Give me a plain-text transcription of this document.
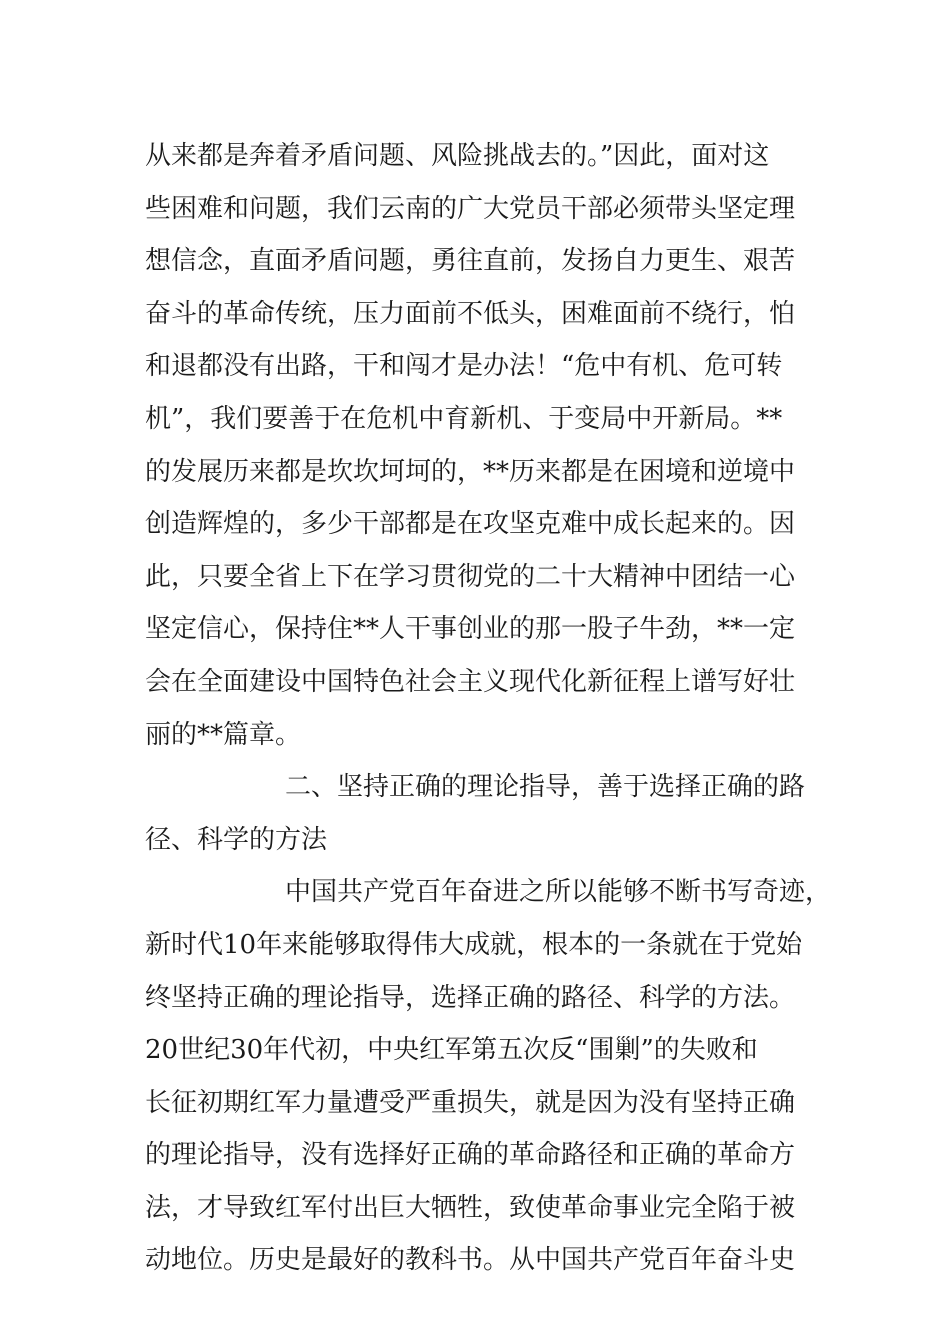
从来都是奔着矛盾问题、风险挑战去的。”因此，面对这
些困难和问题，我们云南的广大党员干部必须带头坚定理
想信念，直面矛盾问题，勇往直前，发扬自力更生、艰苦
奋斗的革命传统，压力面前不低头，困难面前不绕行，怕
和退都没有出路，干和闯才是办法！“危中有机、危可转
机”，我们要善于在危机中育新机、于变局中开新局。**
的发展历来都是坎坎坷坷的，**历来都是在困境和逆境中
创造辉煌的，多少干部都是在攻坚克难中成长起来的。因
此，只要全省上下在学习贯彻党的二十大精神中团结一心
坚定信心，保持住**人干事创业的那一股子牛劲，**一定
会在全面建设中国特色社会主义现代化新征程上谱写好壮
丽的**篇章。
二、坚持正确的理论指导，善于选择正确的路
径、科学的方法
中国共产党百年奋进之所以能够不断书写奇迹，
新时代10年来能够取得伟大成就，根本的一条就在于党始
终坚持正确的理论指导，选择正确的路径、科学的方法。
20世纪30年代初，中央红军第五次反“围剿”的失败和
长征初期红军力量遭受严重损失，就是因为没有坚持正确
的理论指导，没有选择好正确的革命路径和正确的革命方
法，才导致红军付出巨大牺牲，致使革命事业完全陷于被
动地位。历史是最好的教科书。从中国共产党百年奋斗史
